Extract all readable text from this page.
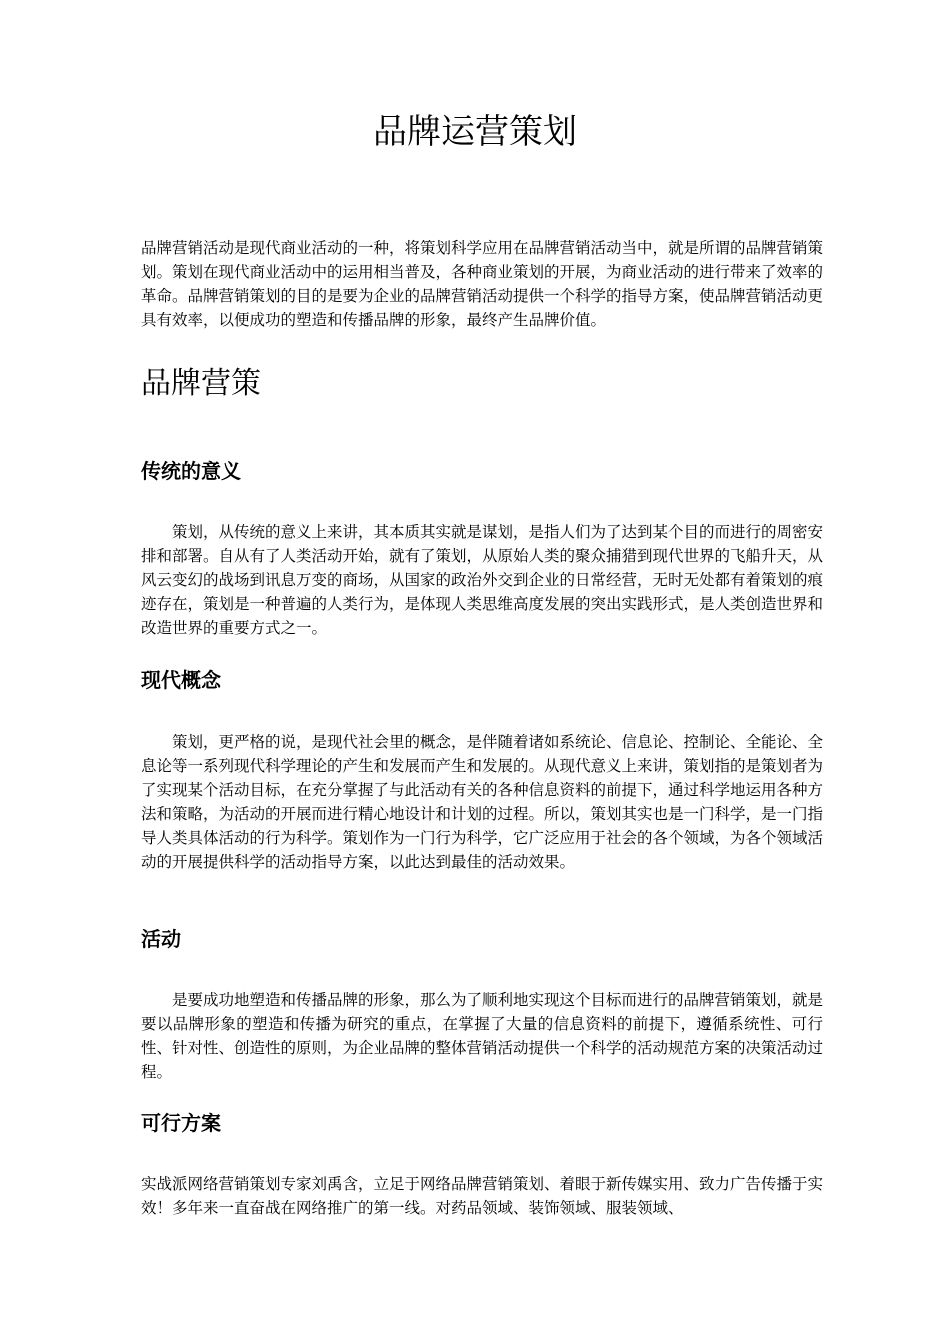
品牌运营策划

品牌营销活动是现代商业活动的一种，将策划科学应用在品牌营销活动当中，就是所谓的品牌营销策划。策划在现代商业活动中的运用相当普及，各种商业策划的开展，为商业活动的进行带来了效率的革命。品牌营销策划的目的是要为企业的品牌营销活动提供一个科学的指导方案，使品牌营销活动更具有效率，以便成功的塑造和传播品牌的形象，最终产生品牌价值。

品牌营策
传统的意义

策划，从传统的意义上来讲，其本质其实就是谋划，是指人们为了达到某个目的而进行的周密安排和部署。自从有了人类活动开始，就有了策划，从原始人类的聚众捕猎到现代世界的飞船升天，从风云变幻的战场到讯息万变的商场，从国家的政治外交到企业的日常经营，无时无处都有着策划的痕迹存在，策划是一种普遍的人类行为，是体现人类思维高度发展的突出实践形式，是人类创造世界和改造世界的重要方式之一。

现代概念

策划，更严格的说，是现代社会里的概念，是伴随着诸如系统论、信息论、控制论、全能论、全息论等一系列现代科学理论的产生和发展而产生和发展的。从现代意义上来讲，策划指的是策划者为了实现某个活动目标，在充分掌握了与此活动有关的各种信息资料的前提下，通过科学地运用各种方法和策略，为活动的开展而进行精心地设计和计划的过程。所以，策划其实也是一门科学，是一门指导人类具体活动的行为科学。策划作为一门行为科学，它广泛应用于社会的各个领域，为各个领域活动的开展提供科学的活动指导方案，以此达到最佳的活动效果。

活动

是要成功地塑造和传播品牌的形象，那么为了顺利地实现这个目标而进行的品牌营销策划，就是要以品牌形象的塑造和传播为研究的重点，在掌握了大量的信息资料的前提下，遵循系统性、可行性、针对性、创造性的原则，为企业品牌的整体营销活动提供一个科学的活动规范方案的决策活动过程。

可行方案

实战派网络营销策划专家刘禹含，立足于网络品牌营销策划、着眼于新传媒实用、致力广告传播于实效！多年来一直奋战在网络推广的第一线。对药品领域、装饰领域、服装领域、
